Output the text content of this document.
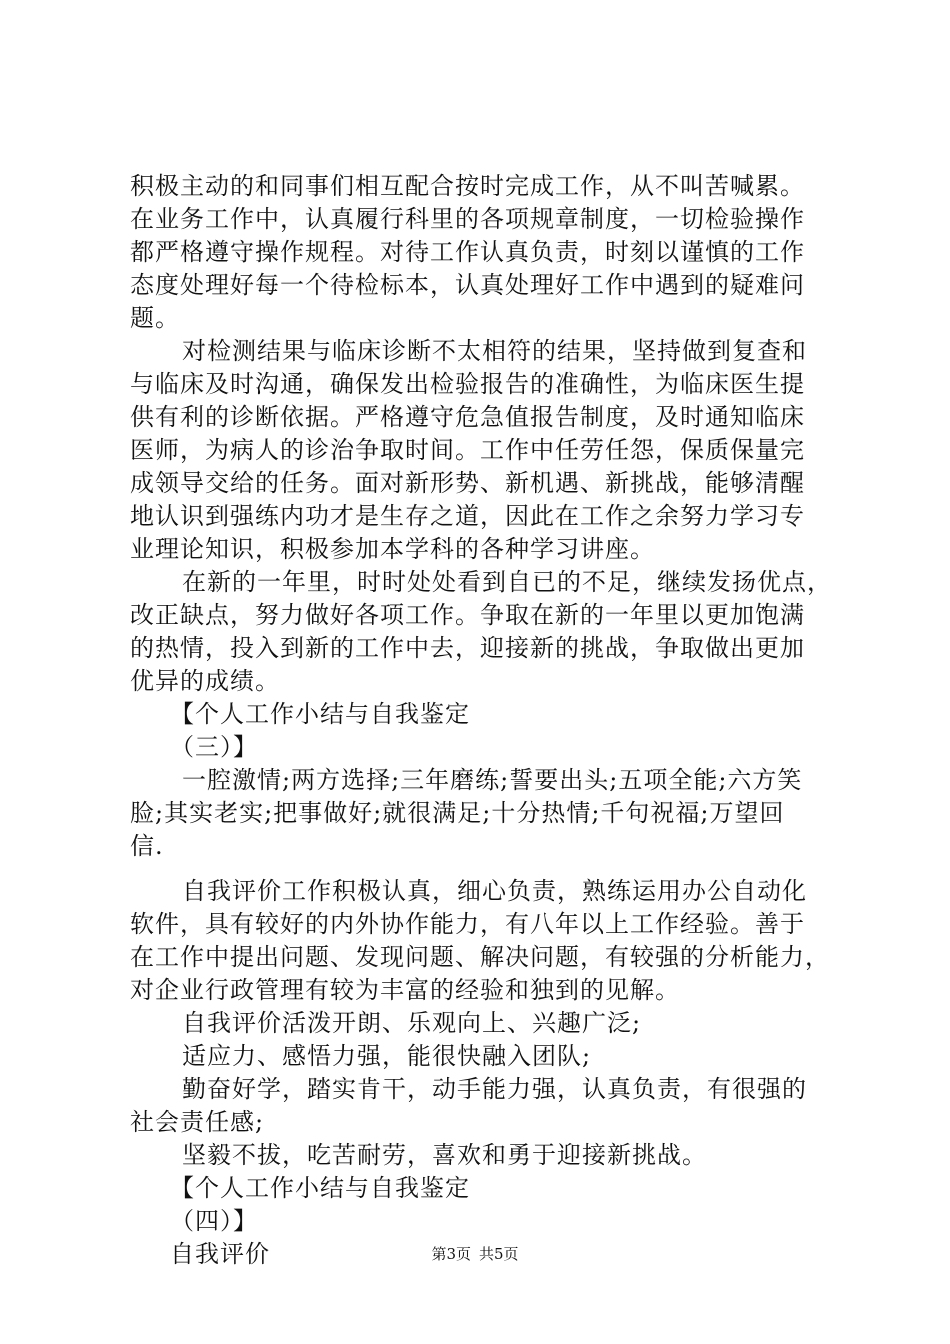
积极主动的和同事们相互配合按时完成工作，从不叫苦喊累。
在业务工作中，认真履行科里的各项规章制度，一切检验操作
都严格遵守操作规程。对待工作认真负责，时刻以谨慎的工作
态度处理好每一个待检标本，认真处理好工作中遇到的疑难问
题。
对检测结果与临床诊断不太相符的结果，坚持做到复查和
与临床及时沟通，确保发出检验报告的准确性，为临床医生提
供有利的诊断依据。严格遵守危急值报告制度，及时通知临床
医师，为病人的诊治争取时间。工作中任劳任怨，保质保量完
成领导交给的任务。面对新形势、新机遇、新挑战，能够清醒
地认识到强练内功才是生存之道，因此在工作之余努力学习专
业理论知识，积极参加本学科的各种学习讲座。
在新的一年里，时时处处看到自已的不足，继续发扬优点，
改正缺点，努力做好各项工作。争取在新的一年里以更加饱满
的热情，投入到新的工作中去，迎接新的挑战，争取做出更加
优异的成绩。
【个人工作小结与自我鉴定
（三）】
一腔激情;两方选择;三年磨练;誓要出头;五项全能;六方笑
脸;其实老实;把事做好;就很满足;十分热情;千句祝福;万望回
信.
自我评价工作积极认真，细心负责，熟练运用办公自动化
软件，具有较好的内外协作能力，有八年以上工作经验。善于
在工作中提出问题、发现问题、解决问题，有较强的分析能力，
对企业行政管理有较为丰富的经验和独到的见解。
自我评价活泼开朗、乐观向上、兴趣广泛;
适应力、感悟力强，能很快融入团队;
勤奋好学，踏实肯干，动手能力强，认真负责，有很强的
社会责任感;
坚毅不拔，吃苦耐劳，喜欢和勇于迎接新挑战。
【个人工作小结与自我鉴定
（四）】
自我评价	第3页 共5页
